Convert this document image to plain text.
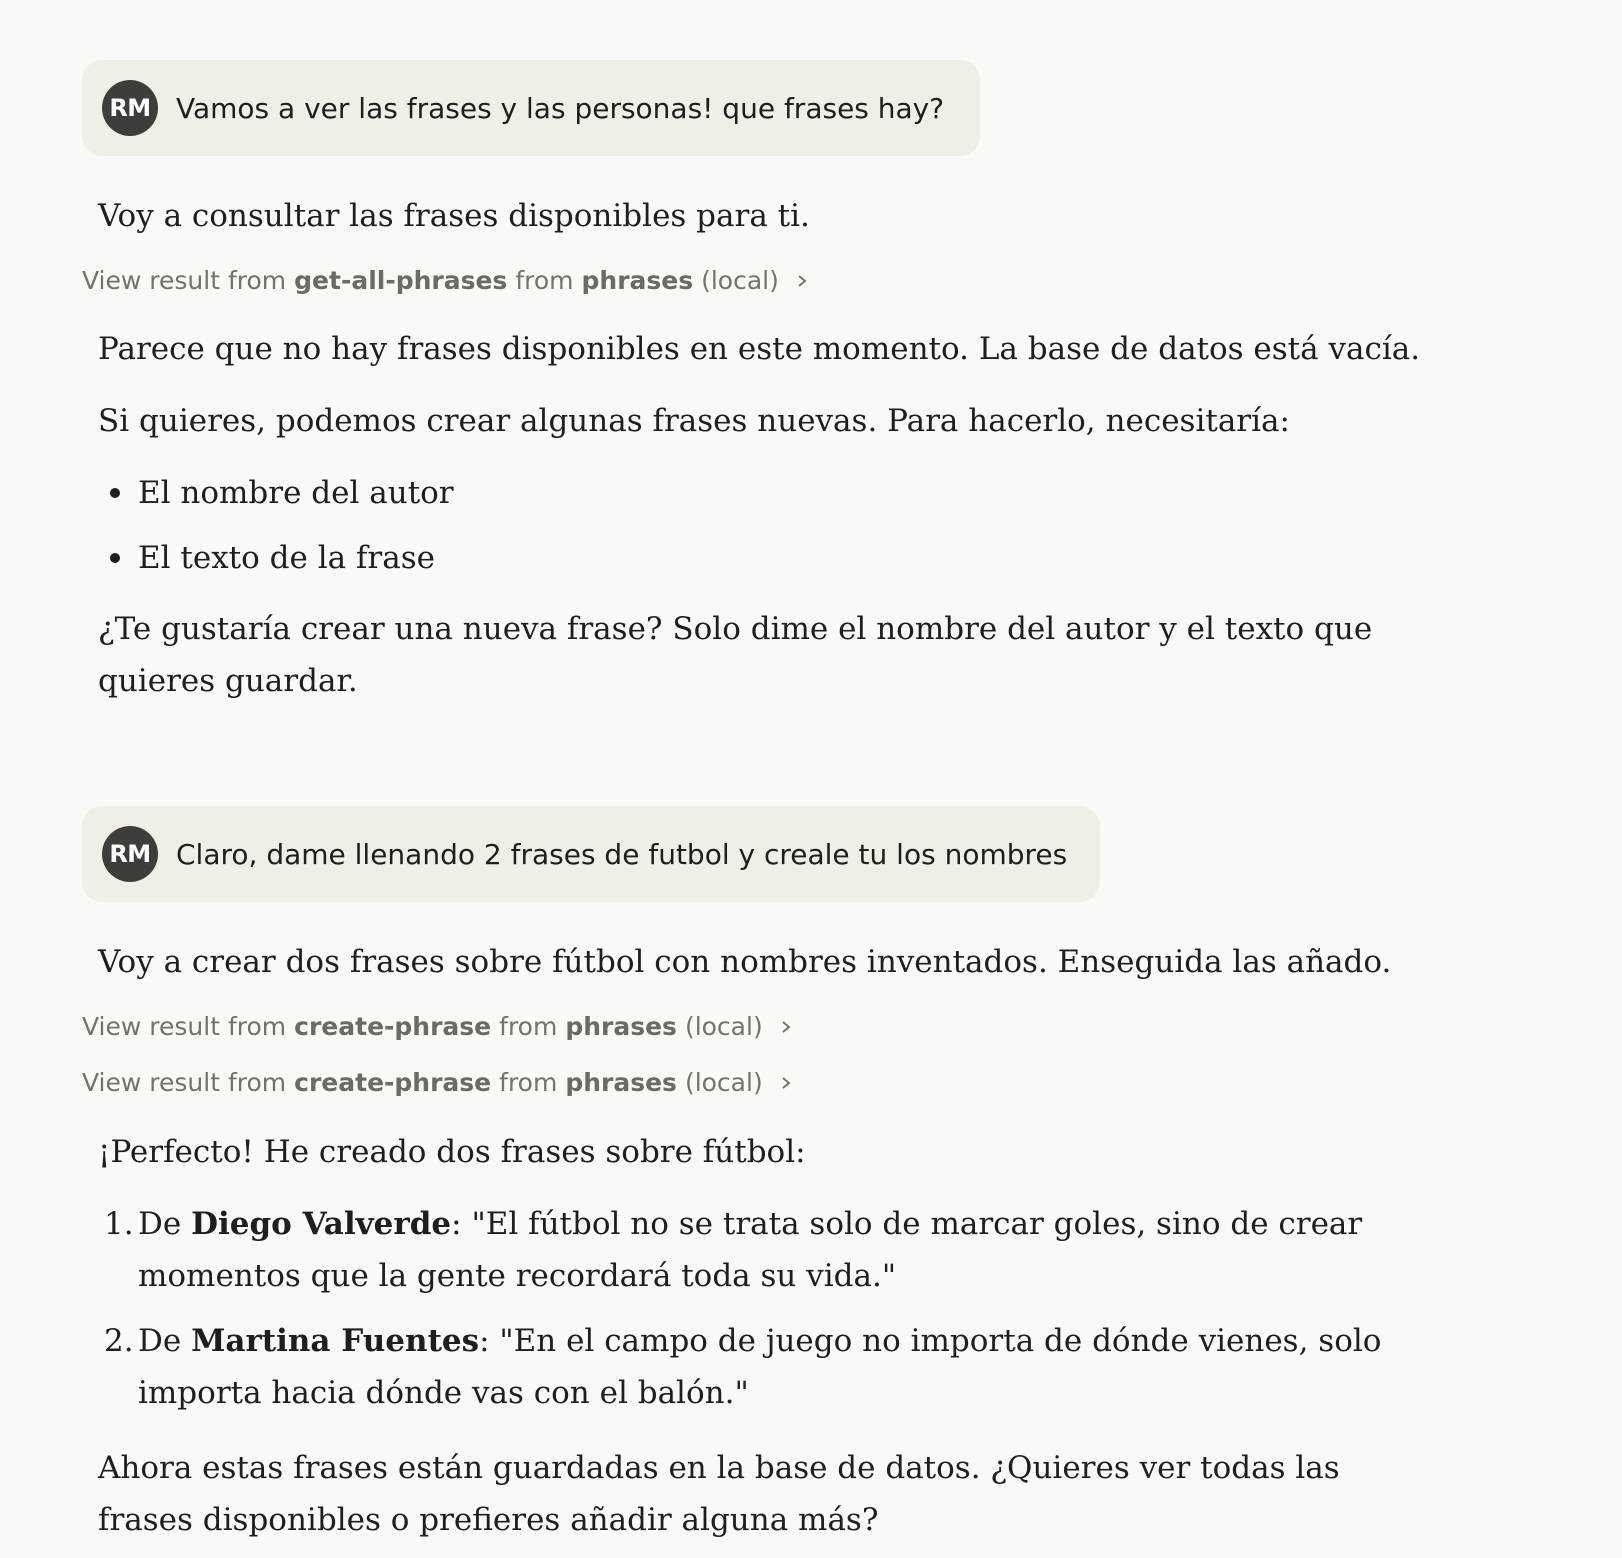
RM Vamos a ver las frases y las personas! que frases hay?

Voy a consultar las frases disponibles para ti.

View result from get-all-phrases from phrases (local)

Parece que no hay frases disponibles en este momento. La base de datos está vacía.

Si quieres, podemos crear algunas frases nuevas. Para hacerlo, necesitaría:

El nombre del autor
El texto de la frase

¿Te gustaría crear una nueva frase? Solo dime el nombre del autor y el texto que quieres guardar.

RM Claro, dame llenando 2 frases de futbol y creale tu los nombres

Voy a crear dos frases sobre fútbol con nombres inventados. Enseguida las añado.

View result from create-phrase from phrases (local)
View result from create-phrase from phrases (local)

¡Perfecto! He creado dos frases sobre fútbol:

1. De Diego Valverde: "El fútbol no se trata solo de marcar goles, sino de crear momentos que la gente recordará toda su vida."
2. De Martina Fuentes: "En el campo de juego no importa de dónde vienes, solo importa hacia dónde vas con el balón."

Ahora estas frases están guardadas en la base de datos. ¿Quieres ver todas las frases disponibles o prefieres añadir alguna más?
